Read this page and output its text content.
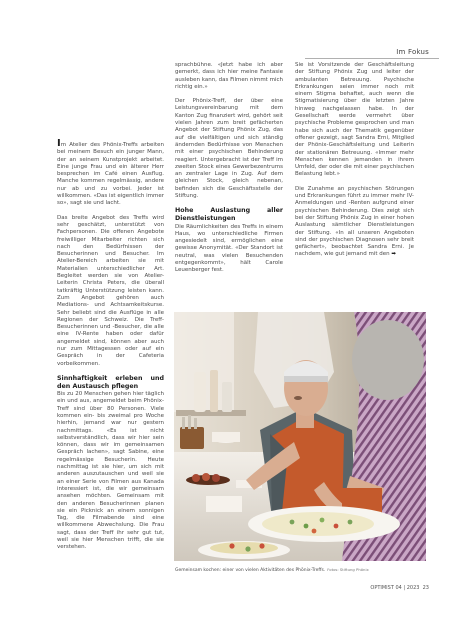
Im Fokus

Im Atelier des Phönix-Treffs arbeiten bei meinem Besuch ein junger Mann, der an seinem Kunstprojekt arbeitet. Eine junge Frau und ein älterer Herr besprechen im Café einen Ausflug. Manche kommen regelmässig, andere nur ab und zu vorbei. Jeder ist willkommen. «Das ist eigentlich immer so», sagt sie und lacht.

Das breite Angebot des Treffs wird sehr geschätzt, unterstützt von Fachpersonen. Die offenen Angebote freiwilliger Mitarbeiter richten sich nach den Bedürfnissen der Besucherinnen und Besucher. Im Atelier-Bereich arbeiten sie mit Materialien unterschiedlicher Art. Begleitet werden sie von Atelier-Leiterin Christa Peters, die überall tatkräftig Unterstützung leisten kann. Zum Angebot gehören auch Mediations- und Achtsamkeitskurse. Sehr beliebt sind die Ausflüge in alle Regionen der Schweiz. Die Treff-Besucherinnen und -Besucher, die alle eine IV-Rente haben oder dafür angemeldet sind, können aber auch nur zum Mittagessen oder auf ein Gespräch in der Cafeteria vorbeikommen.

Sinnhaftigkeit erleben und den Austausch pflegen

Bis zu 20 Menschen gehen hier täglich ein und aus, angemeldet beim Phönix-Treff sind über 80 Personen. Viele kommen ein- bis zweimal pro Woche hierhin, jemand war nur gestern nachmittags. «Es ist nicht selbstverständlich, dass wir hier sein können, dass wir im gemeinsamen Gespräch lachen», sagt Sabine, eine regelmässige Besucherin. Heute nachmittag ist sie hier, um sich mit anderen auszutauschen und weil sie an einer Serie von Filmen aus Kanada interessiert ist, die wir gemeinsam ansehen möchten. Gemeinsam mit den anderen Besucherinnen planen sie ein Picknick an einem sonnigen Tag, die Filmabende sind eine willkommene Abwechslung. Die Frau sagt, dass der Treff ihr sehr gut tut, weil sie hier Menschen trifft, die sie verstehen.

sprachbühne. «Jetzt habe ich aber gemerkt, dass ich hier meine Fantasie ausleben kann, das Filmen nimmt mich richtig ein.»

Der Phönix-Treff, der über eine Leistungsvereinbarung mit dem Kanton Zug finanziert wird, gehört seit vielen Jahren zum breit gefächerten Angebot der Stiftung Phönix Zug, das auf die vielfältigen und sich ständig ändernden Bedürfnisse von Menschen mit einer psychischen Behinderung reagiert. Untergebracht ist der Treff im zweiten Stock eines Gewerbezentrums an zentraler Lage in Zug. Auf dem gleichen Stock, gleich nebenan, befinden sich die Geschäftsstelle der Stiftung.

Hohe Auslastung aller Dienstleistungen

Die Räumlichkeiten des Treffs in einem Haus, wo unterschiedliche Firmen angesiedelt sind, ermöglichen eine gewisse Anonymität. «Der Standort ist neutral, was vielen Besuchenden entgegenkommt», hält Carole Leuenberger fest.

Sie ist Vorsitzende der Geschäftsleitung der Stiftung Phönix Zug und leiter der ambulanten Betreuung. Psychische Erkrankungen seien immer noch mit einem Stigma behaftet, auch wenn die Stigmatisierung über die letzten Jahre hinweg nachgelassen habe. In der Gesellschaft werde vermehrt über psychische Probleme gesprochen und man habe sich auch der Thematik gegenüber offener gezeigt, sagt Sandra Erni, Mitglied der Phönix-Geschäftsleitung und Leiterin der stationären Betreuung. «Immer mehr Menschen kennen jemanden in ihrem Umfeld, der oder die mit einer psychischen Belastung lebt.»

Die Zunahme an psychischen Störungen und Erkrankungen führt zu immer mehr IV-Anmeldungen und -Renten aufgrund einer psychischen Behinderung. Dies zeigt sich bei der Stiftung Phönix Zug in einer hohen Auslastung sämtlicher Dienstleistungen der Stiftung. «In all unseren Angeboten sind der psychischen Diagnosen sehr breit gefächert», beobachtet Sandra Erni. Je nachdem, wie gut jemand mit den ➡

Gemeinsam kochen: einer von vielen Aktivitäten des Phönix-Treffs. Fotos: Stiftung Phönix
OPTIMIST 04 | 2023 23
